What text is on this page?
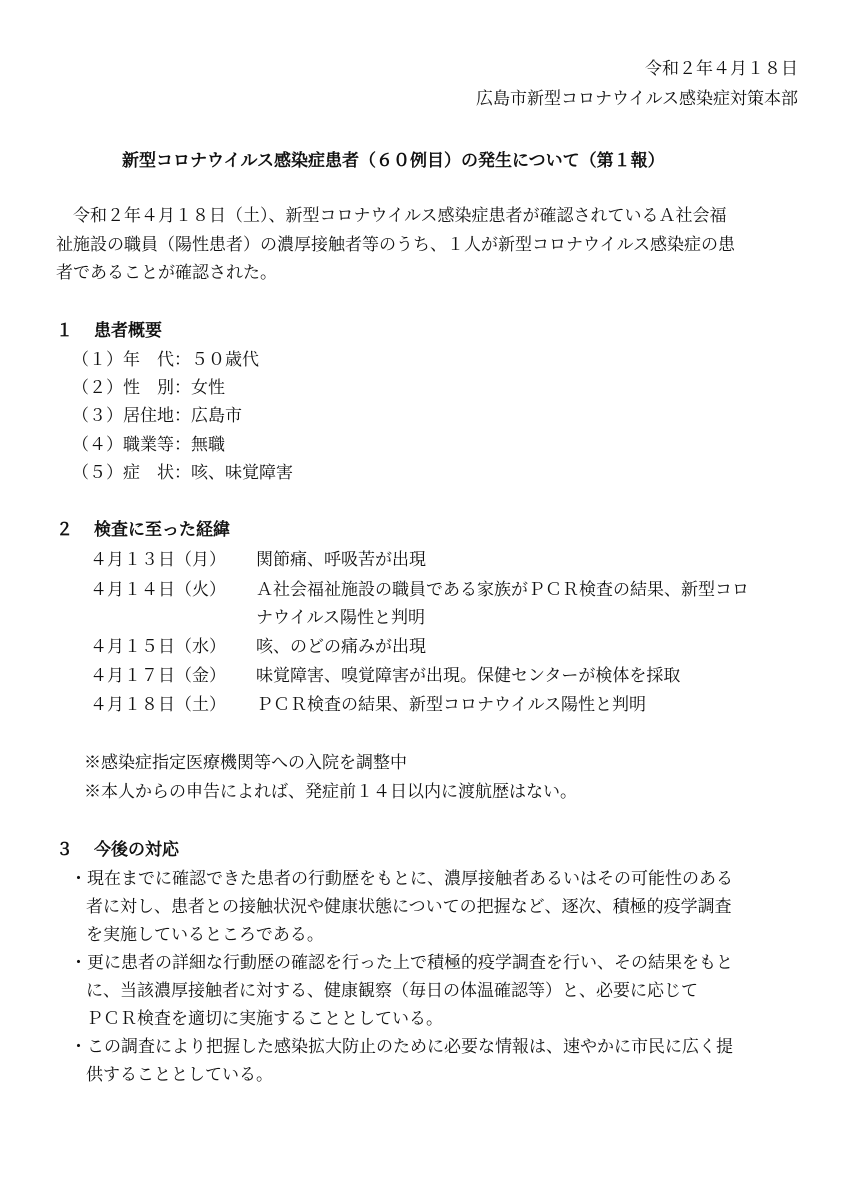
令和２年４月１８日
広島市新型コロナウイルス感染症対策本部
新型コロナウイルス感染症患者（６０例目）の発生について（第１報）
令和２年４月１８日（土）、新型コロナウイルス感染症患者が確認されているＡ社会福
祉施設の職員（陽性患者）の濃厚接触者等のうち、１人が新型コロナウイルス感染症の患
者であることが確認された。
１ 患者概要
（１）年　代：５０歳代
（２）性　別：女性
（３）居住地：広島市
（４）職業等：無職
（５）症　状：咳、味覚障害
２ 検査に至った経緯
４月１３日（月） 関節痛、呼吸苦が出現
４月１４日（火） Ａ社会福祉施設の職員である家族がＰＣＲ検査の結果、新型コロ
ナウイルス陽性と判明
４月１５日（水） 咳、のどの痛みが出現
４月１７日（金） 味覚障害、嗅覚障害が出現。保健センターが検体を採取
４月１８日（土） ＰＣＲ検査の結果、新型コロナウイルス陽性と判明
※感染症指定医療機関等への入院を調整中
※本人からの申告によれば、発症前１４日以内に渡航歴はない。
３ 今後の対応
・現在までに確認できた患者の行動歴をもとに、濃厚接触者あるいはその可能性のある
者に対し、患者との接触状況や健康状態についての把握など、逐次、積極的疫学調査
を実施しているところである。
・更に患者の詳細な行動歴の確認を行った上で積極的疫学調査を行い、その結果をもと
に、当該濃厚接触者に対する、健康観察（毎日の体温確認等）と、必要に応じて
ＰＣＲ検査を適切に実施することとしている。
・この調査により把握した感染拡大防止のために必要な情報は、速やかに市民に広く提
供することとしている。
